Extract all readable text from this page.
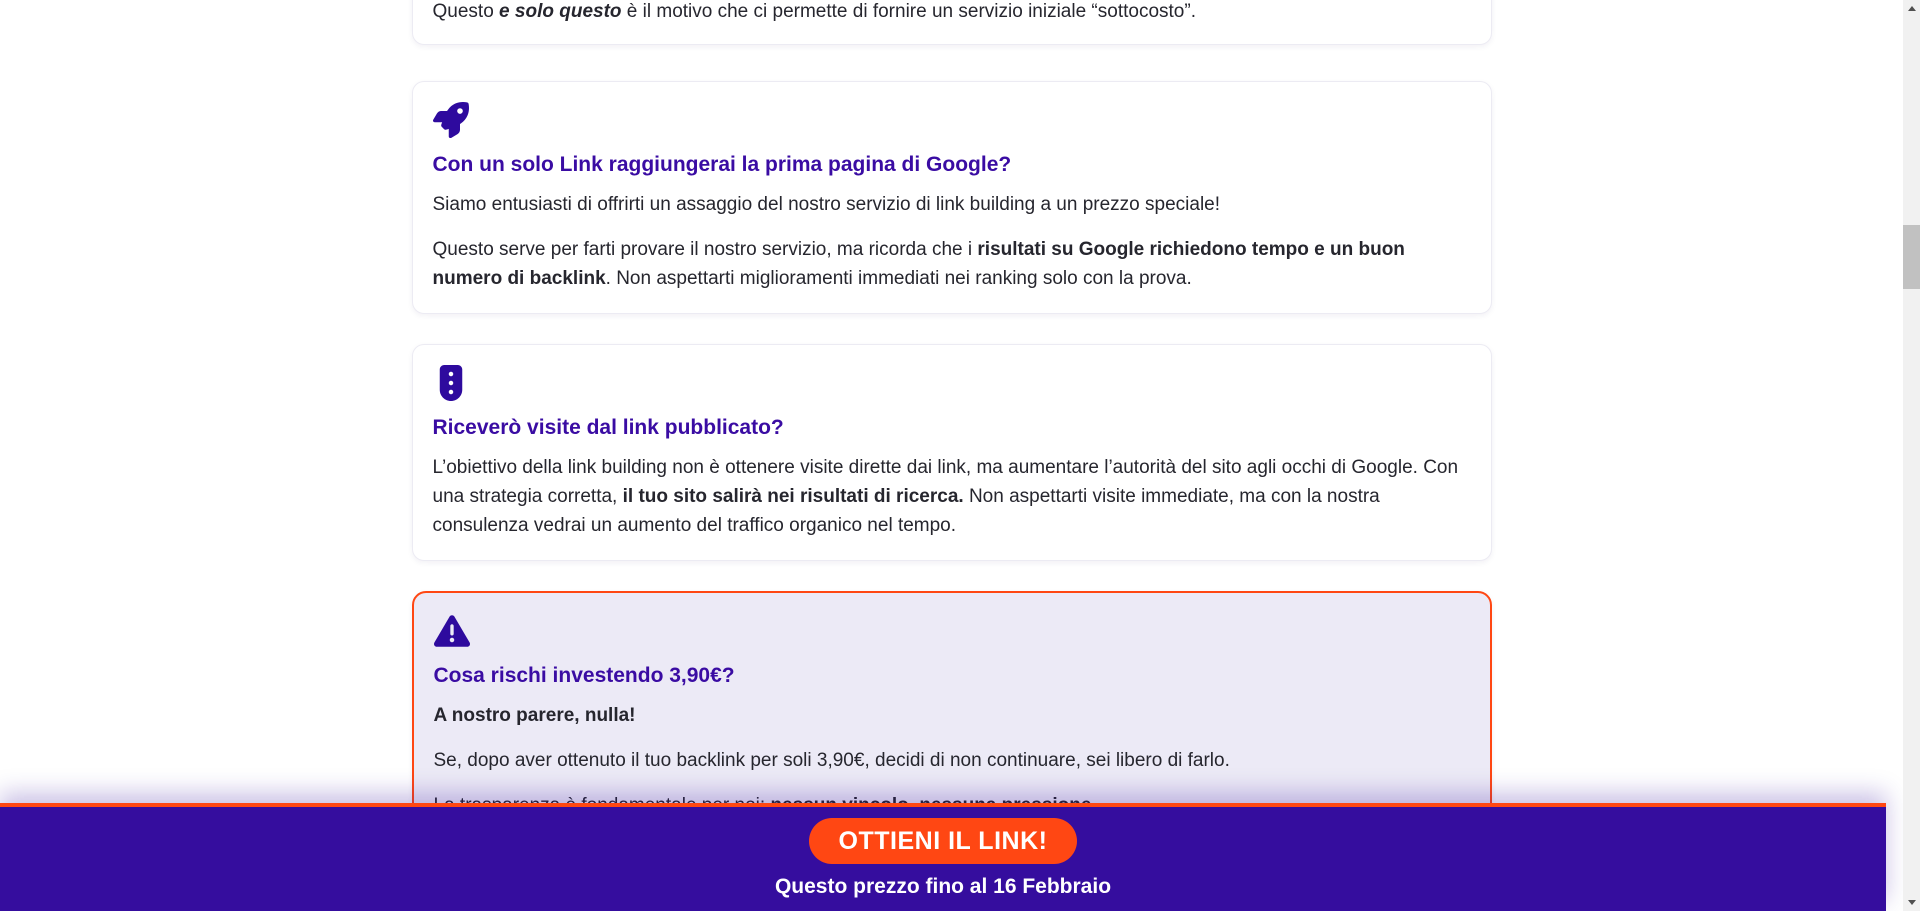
Questo e solo questo è il motivo che ci permette di fornire un servizio iniziale “sottocosto”.

Con un solo Link raggiungerai la prima pagina di Google?

Siamo entusiasti di offrirti un assaggio del nostro servizio di link building a un prezzo speciale!

Questo serve per farti provare il nostro servizio, ma ricorda che i risultati su Google richiedono tempo e un buon numero di backlink. Non aspettarti miglioramenti immediati nei ranking solo con la prova.

Riceverò visite dal link pubblicato?

L’obiettivo della link building non è ottenere visite dirette dai link, ma aumentare l’autorità del sito agli occhi di Google. Con una strategia corretta, il tuo sito salirà nei risultati di ricerca. Non aspettarti visite immediate, ma con la nostra consulenza vedrai un aumento del traffico organico nel tempo.

Cosa rischi investendo 3,90€?

A nostro parere, nulla!

Se, dopo aver ottenuto il tuo backlink per soli 3,90€, decidi di non continuare, sei libero di farlo.

OTTIENI IL LINK!
Questo prezzo fino al 16 Febbraio
